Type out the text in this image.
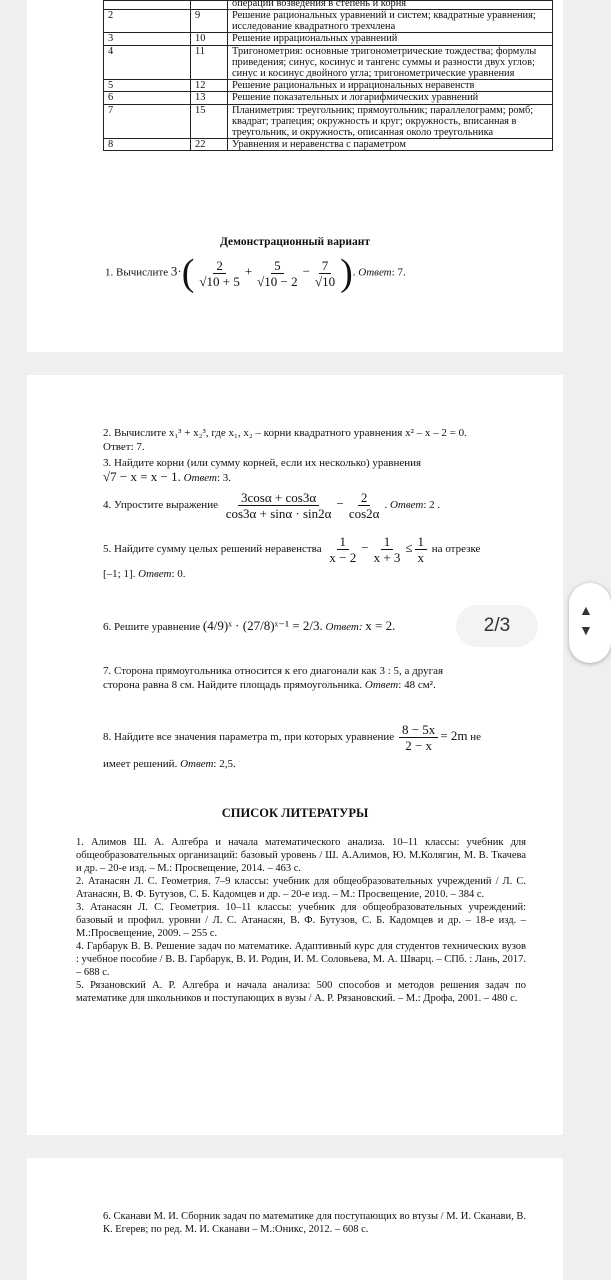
		операции возведения в степень и корня
2	9	Решение рациональных уравнений и систем; квадратные уравнения; исследование квадратного трехчлена
3	10	Решение иррациональных уравнений
4	11	Тригонометрия: основные тригонометрические тождества; формулы приведения; синус, косинус и тангенс суммы и разности двух углов; синус и косинус двойного угла; тригонометрические уравнения
5	12	Решение рациональных и иррациональных неравенств
6	13	Решение показательных и логарифмических уравнений
7	15	Планиметрия: треугольник; прямоугольник; параллелограмм; ромб; квадрат; трапеция; окружность и круг; окружность, вписанная в треугольник, и окружность, описанная около треугольника
8	22	Уравнения и неравенства с параметром
Демонстрационный вариант
1. Вычислите $3\cdot( \frac{2}{√10 + 5} + \frac{5}{√10 - 2} - \frac{7}{√10}$ ). Ответ: 7.
2. Вычислите x₁³ + x₂³, где x₁, x₂ – корни квадратного уравнения x² – x – 2 = 0.
Ответ: 7.
3. Найдите корни (или сумму корней, если их несколько) уравнения
√7 − x = x − 1. Ответ: 3.
4. Упростите выражение $\frac{3\cos\alpha + \cos 3\alpha}{\cos 3\alpha + \sin\alpha \cdot \sin 2\alpha} - \frac{2}{\cos 2\alpha}$ . Ответ: 2 .
5. Найдите сумму целых решений неравенства $\frac{1}{x - 2} - \frac{1}{x + 3} \le \frac{1}{x}$ на отрезке
[–1; 1]. Ответ: 0.
6. Решите уравнение (4/9)ˣ · (27/8)ˣ⁻¹ = 2/3. Ответ: x = 2.
7. Сторона прямоугольника относится к его диагонали как 3 : 5, а другая
сторона равна 8 см. Найдите площадь прямоугольника. Ответ: 48 см².
8. Найдите все значения параметра m, при которых уравнение $\frac{8 - 5x}{2 - x} = 2m$ не
имеет решений. Ответ: 2,5.
СПИСОК ЛИТЕРАТУРЫ

1. Алимов Ш. А. Алгебра и начала математического анализа. 10–11 классы: учебник для общеобразовательных организаций: базовый уровень / Ш. А.Алимов, Ю. М.Колягин, М. В. Ткачева и др. – 20-е изд. – М.: Просвещение, 2014. – 463 с.

2. Атанасян Л. С. Геометрия. 7–9 классы: учебник для общеобразовательных учреждений / Л. С. Атанасян, В. Ф. Бутузов, С. Б. Кадомцев и др. – 20-е изд. – М.: Просвещение, 2010. – 384 с.

3. Атанасян Л. С. Геометрия. 10–11 классы: учебник для общеобразовательных учреждений: базовый и профил. уровни / Л. С. Атанасян, В. Ф. Бутузов, С. Б. Кадомцев и др. – 18-е изд. – М.:Просвещение, 2009. – 255 с.

4. Гарбарук В. В. Решение задач по математике. Адаптивный курс для студентов технических вузов : учебное пособие / В. В. Гарбарук, В. И. Родин, И. М. Соловьева, М. А. Шварц. – СПб. : Лань, 2017. – 688 с.

5. Рязановский А. Р. Алгебра и начала анализа: 500 способов и методов решения задач по математике для школьников и поступающих в вузы / А. Р. Рязановский. – М.: Дрофа, 2001. – 480 с.

6. Сканави М. И. Сборник задач по математике для поступающих во втузы / М. И. Сканави, В. К. Егерев; по ред. М. И. Сканави – М.:Оникс, 2012. – 608 с.

2/3
▲
▼
